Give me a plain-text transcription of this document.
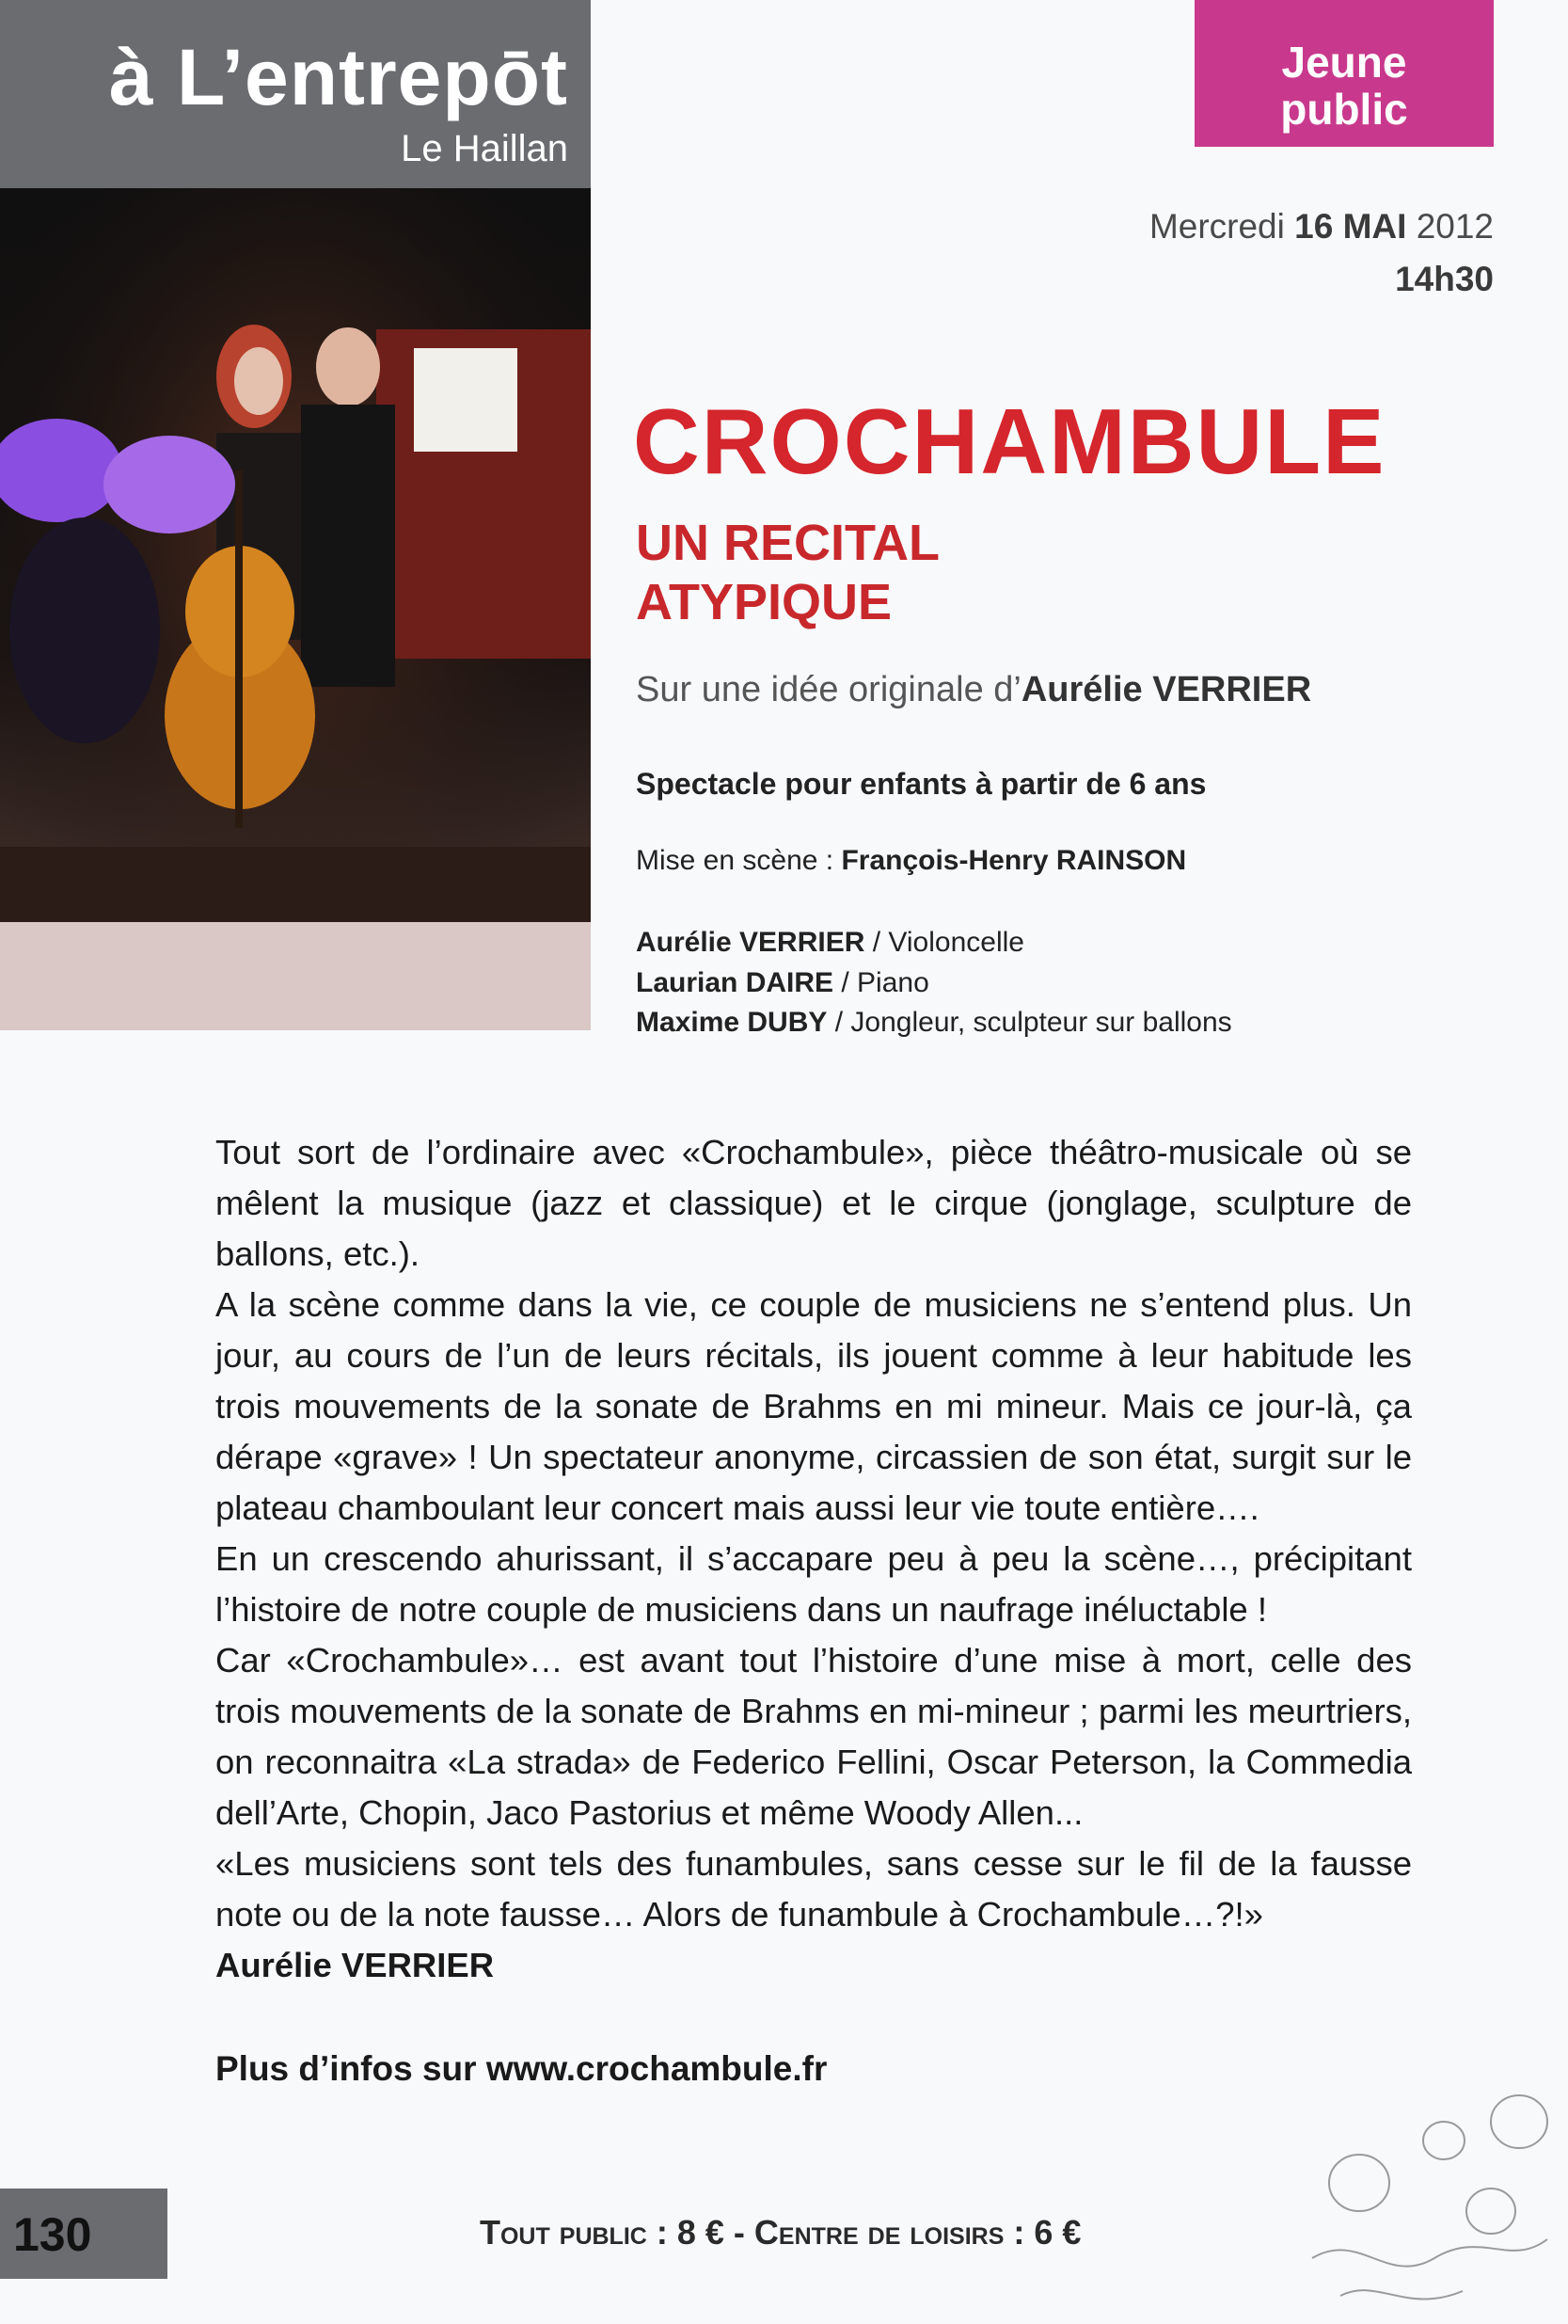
à L’entrepōt
Le Haillan
Jeune
public
Mercredi 16 MAI 2012
14h30
CROCHAMBULE
UN RECITAL
ATYPIQUE
Sur une idée originale d’Aurélie VERRIER
Spectacle pour enfants à partir de 6 ans
Mise en scène : François-Henry RAINSON
Aurélie VERRIER / Violoncelle
Laurian DAIRE / Piano
Maxime DUBY / Jongleur, sculpteur sur ballons

Tout sort de l’ordinaire avec «Crochambule», pièce théâtro-musicale où se mêlent la musique (jazz et classique) et le cirque (jonglage, sculpture de ballons, etc.).

A la scène comme dans la vie, ce couple de musiciens ne s’entend plus. Un jour, au cours de l’un de leurs récitals, ils jouent comme à leur habitude les trois mouvements de la sonate de Brahms en mi mineur. Mais ce jour-là, ça dérape «grave» ! Un spectateur anonyme, circassien de son état, surgit sur le plateau chamboulant leur concert mais aussi leur vie toute entière….

En un crescendo ahurissant, il s’accapare peu à peu la scène…, précipitant l’histoire de notre couple de musiciens dans un naufrage inéluctable !

Car «Crochambule»… est avant tout l’histoire d’une mise à mort, celle des trois mouvements de la sonate de Brahms en mi-mineur ; parmi les meurtriers, on reconnaitra «La strada» de Federico Fellini, Oscar Peterson, la Commedia dell’Arte, Chopin, Jaco Pastorius et même Woody Allen...

«Les musiciens sont tels des funambules, sans cesse sur le fil de la fausse note ou de la note fausse… Alors de funambule à Crochambule…?!»

Aurélie VERRIER

Plus d’infos sur www.crochambule.fr
130	Tout public : 8 € - Centre de loisirs : 6 €
